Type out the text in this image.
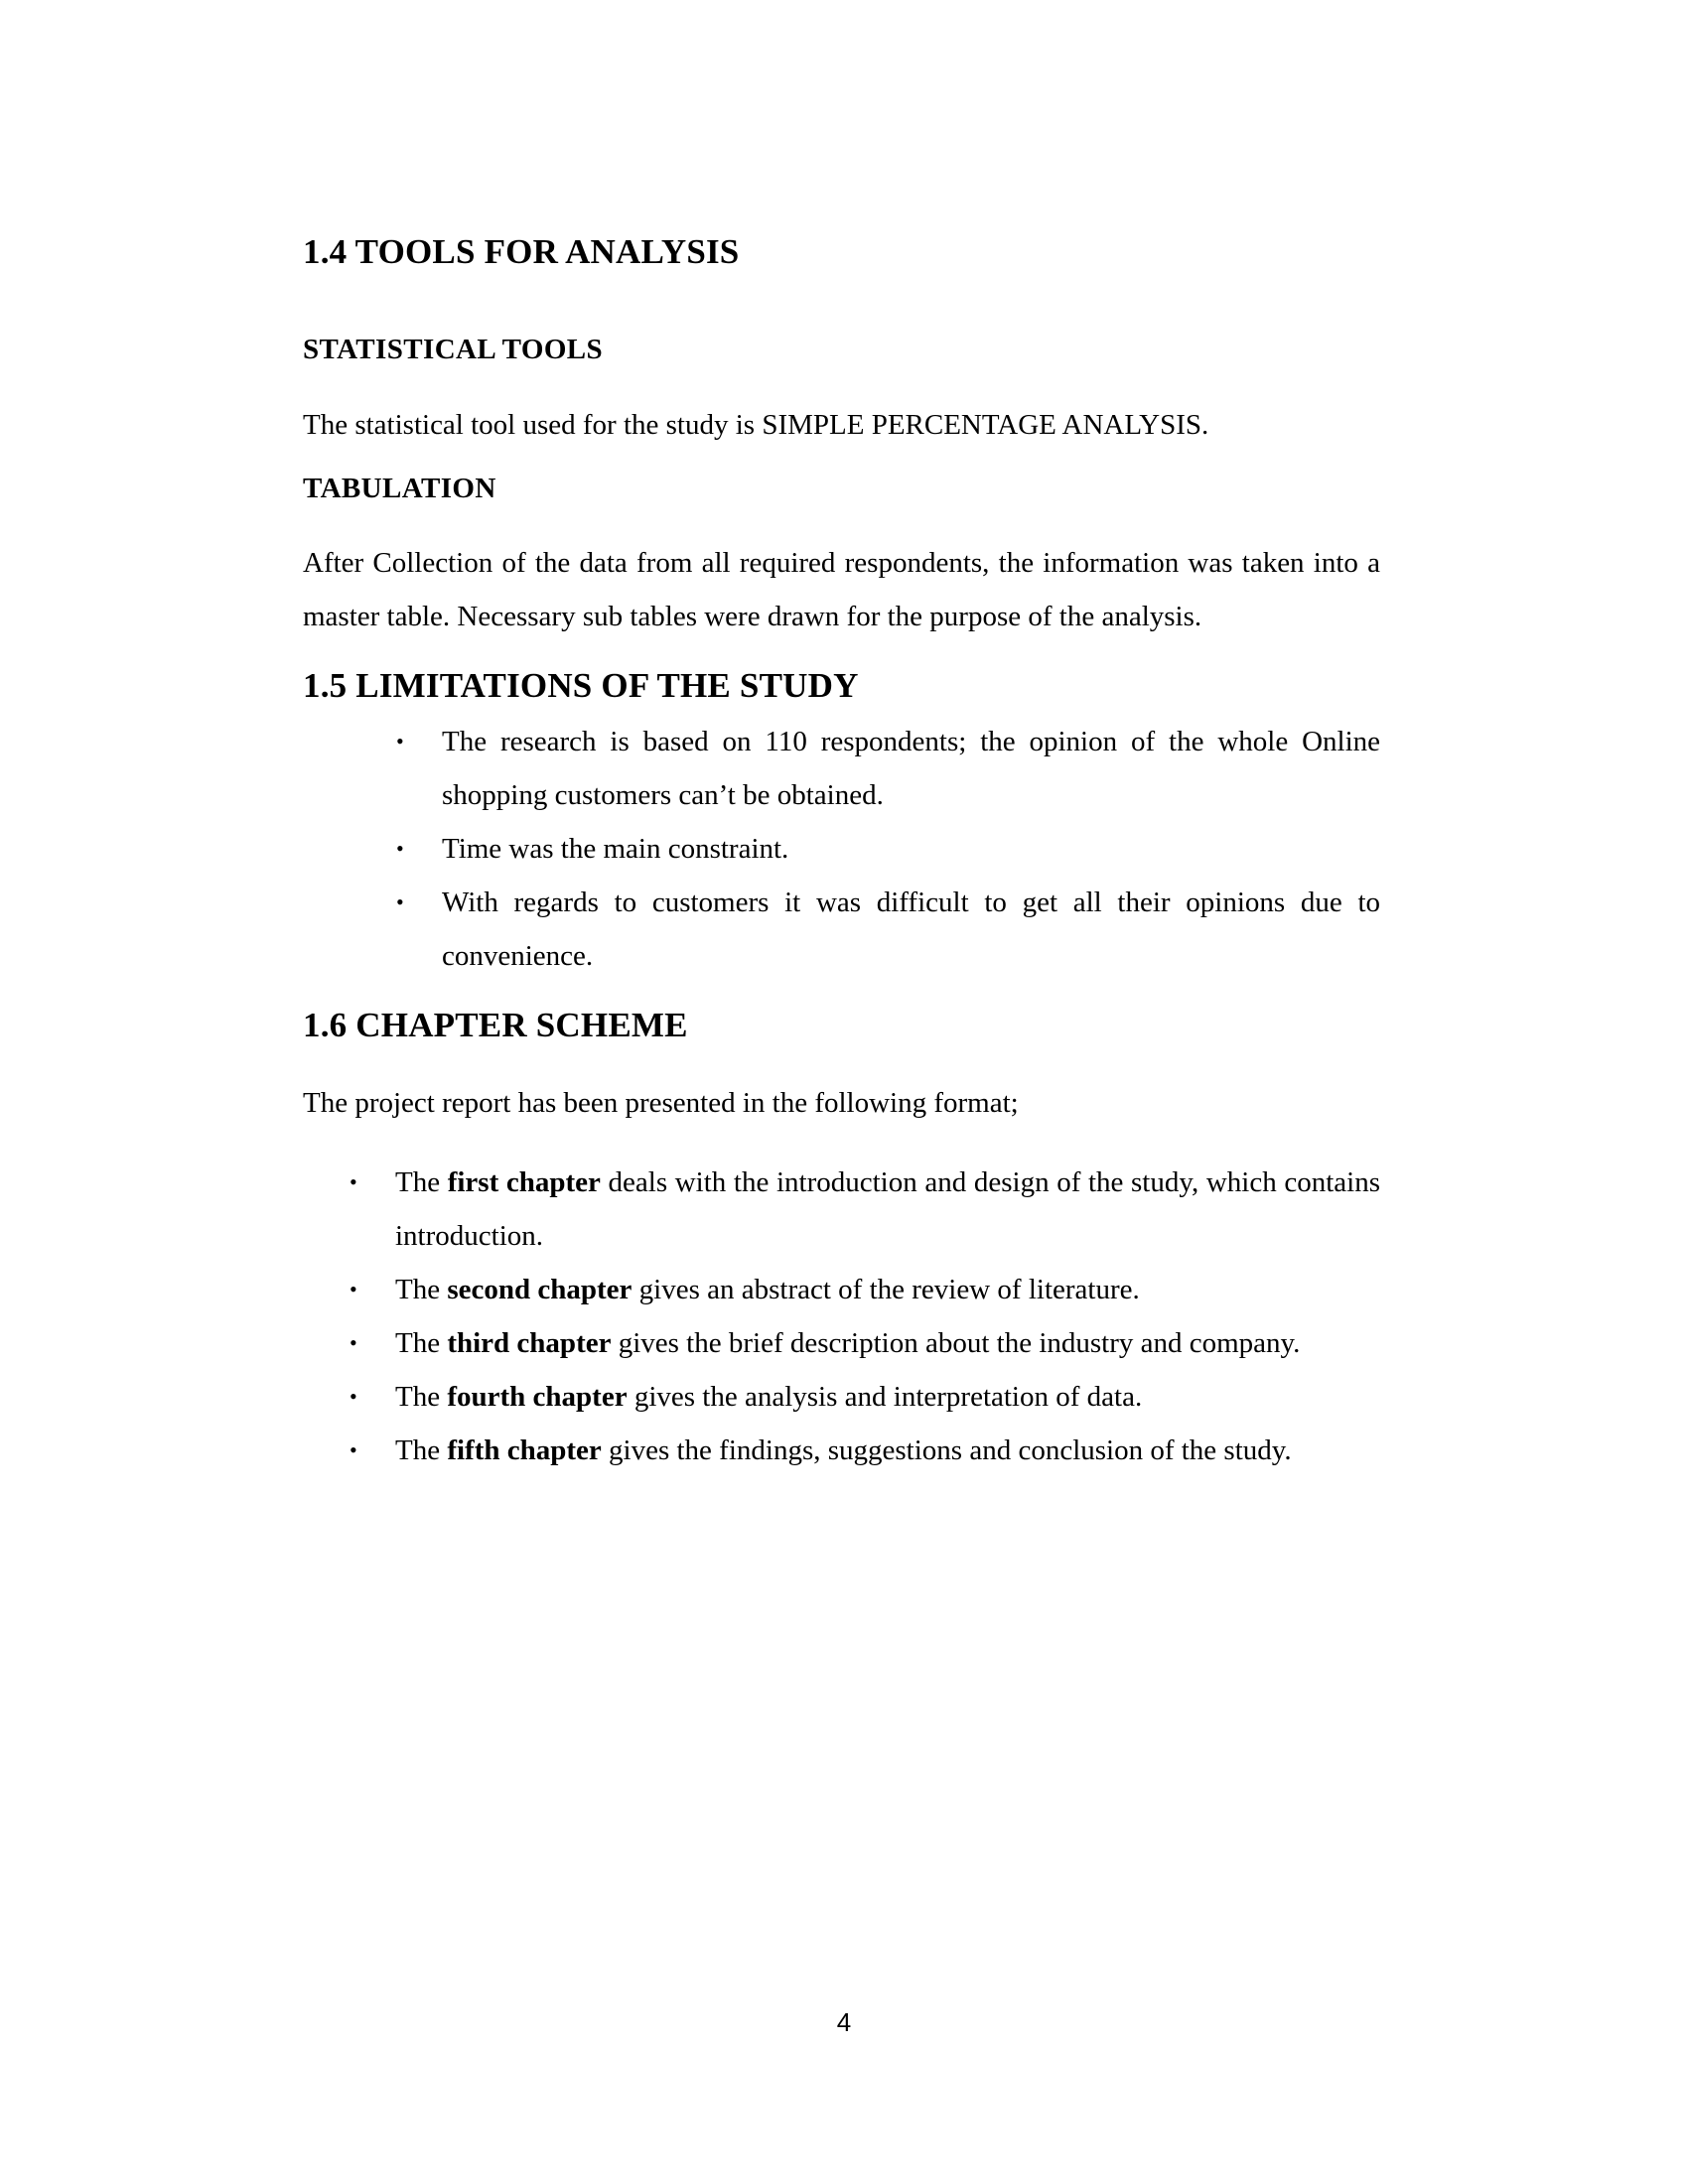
1.4 TOOLS FOR ANALYSIS
STATISTICAL TOOLS

The statistical tool used for the study is SIMPLE PERCENTAGE ANALYSIS.

TABULATION

After Collection of the data from all required respondents, the information was taken into a master table. Necessary sub tables were drawn for the purpose of the analysis.

1.5 LIMITATIONS OF THE STUDY
• The research is based on 110 respondents; the opinion of the whole Online shopping customers can’t be obtained.
• Time was the main constraint.
• With regards to customers it was difficult to get all their opinions due to convenience.
1.6 CHAPTER SCHEME

The project report has been presented in the following format;

• The first chapter deals with the introduction and design of the study, which contains introduction.
• The second chapter gives an abstract of the review of literature.
• The third chapter gives the brief description about the industry and company.
• The fourth chapter gives the analysis and interpretation of data.
• The fifth chapter gives the findings, suggestions and conclusion of the study.
4
